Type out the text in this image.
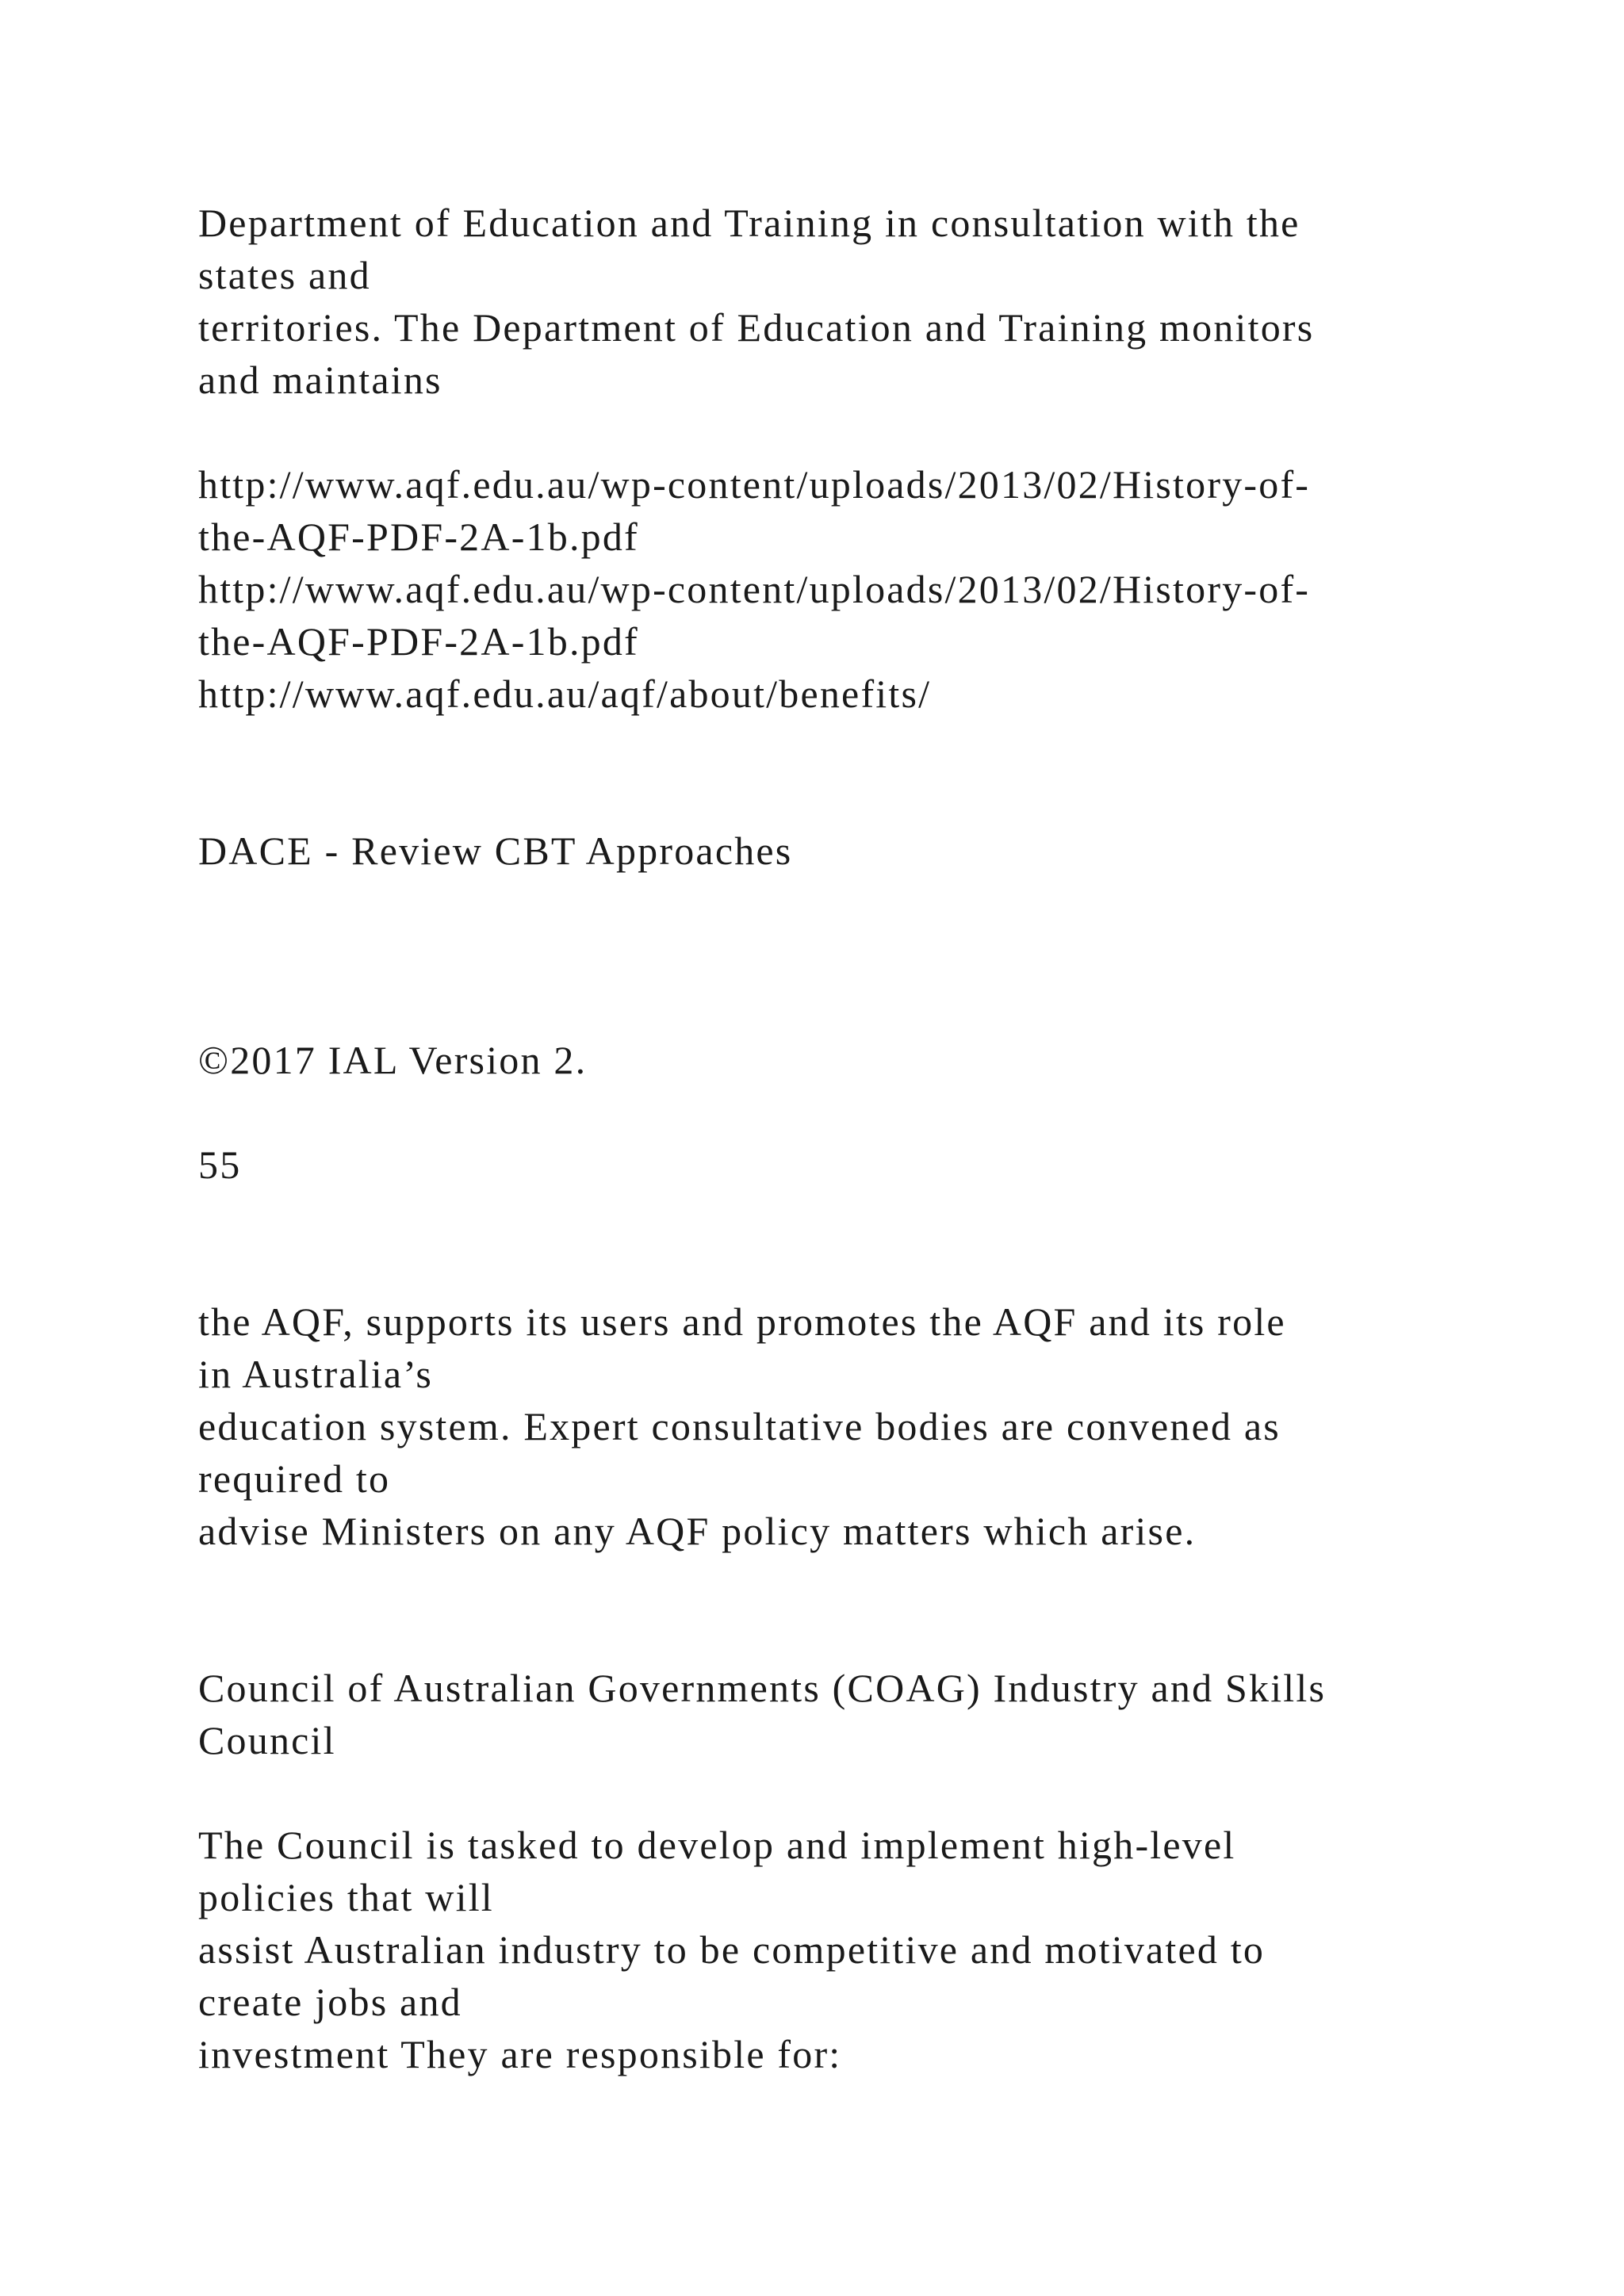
Department of Education and Training in consultation with the

states and

territories. The Department of Education and Training monitors

and maintains

http://www.aqf.edu.au/wp-content/uploads/2013/02/History-of-

the-AQF-PDF-2A-1b.pdf

http://www.aqf.edu.au/wp-content/uploads/2013/02/History-of-

the-AQF-PDF-2A-1b.pdf

http://www.aqf.edu.au/aqf/about/benefits/

DACE - Review CBT Approaches

©2017 IAL Version 2.

55

the AQF, supports its users and promotes the AQF and its role

in Australia’s

education system. Expert consultative bodies are convened as

required to

advise Ministers on any AQF policy matters which arise.

Council of Australian Governments (COAG) Industry and Skills

Council

The Council is tasked to develop and implement high-level

policies that will

assist Australian industry to be competitive and motivated to

create jobs and

investment They are responsible for:
